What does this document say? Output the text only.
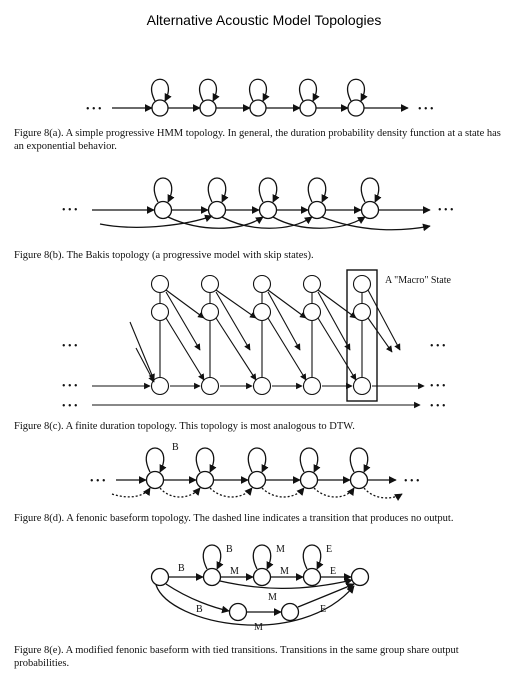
Alternative Acoustic Model Topologies
• • •	• • •
• • •	• • •
• • •	• • •
• • •	• • •
• • •	• • •
A "Macro" State
• • •	• • •
B
B
B
M
M
M
E
E
B
M
M
E
Figure 8(a). A simple progressive HMM topology. In general, the duration probability density function at a state has an exponential behavior.
Figure 8(b). The Bakis topology (a progressive model with skip states).
Figure 8(c). A finite duration topology. This topology is most analogous to DTW.
Figure 8(d). A fenonic baseform topology. The dashed line indicates a transition that produces no output.
Figure 8(e). A modified fenonic baseform with tied transitions. Transitions in the same group share output probabilities.
